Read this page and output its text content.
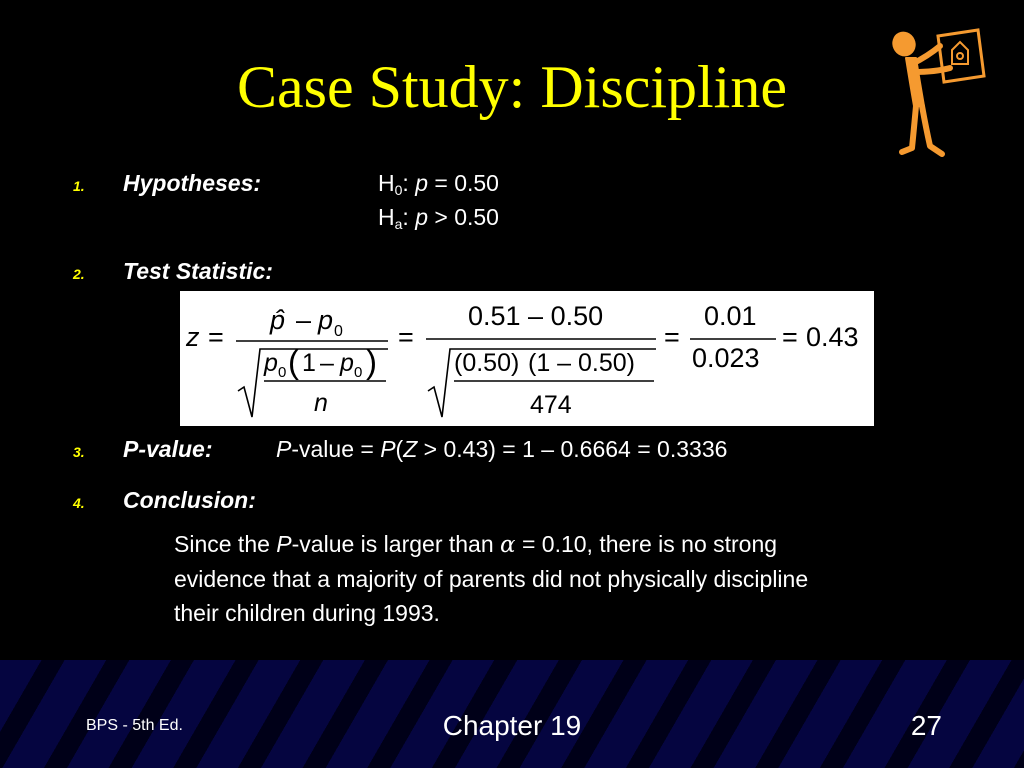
Case Study: Discipline
1. Hypotheses:	$H_0$: p = 0.50
$H_a$: p > 0.50
2. Test Statistic:
z =
p̂ – p 0
p 0 ( 1 – p 0 )
n
=
0.51 – 0.50
(0.50) (1 – 0.50)
474
=
0.01
0.023
= 0.43
3. P-value:	P-value = P(Z > 0.43) = 1 – 0.6664 = 0.3336
4. Conclusion:
Since the P-value is larger than α = 0.10, there is no strong
evidence that a majority of parents did not physically discipline
their children during 1993.
BPS - 5th Ed.	Chapter 19	27
